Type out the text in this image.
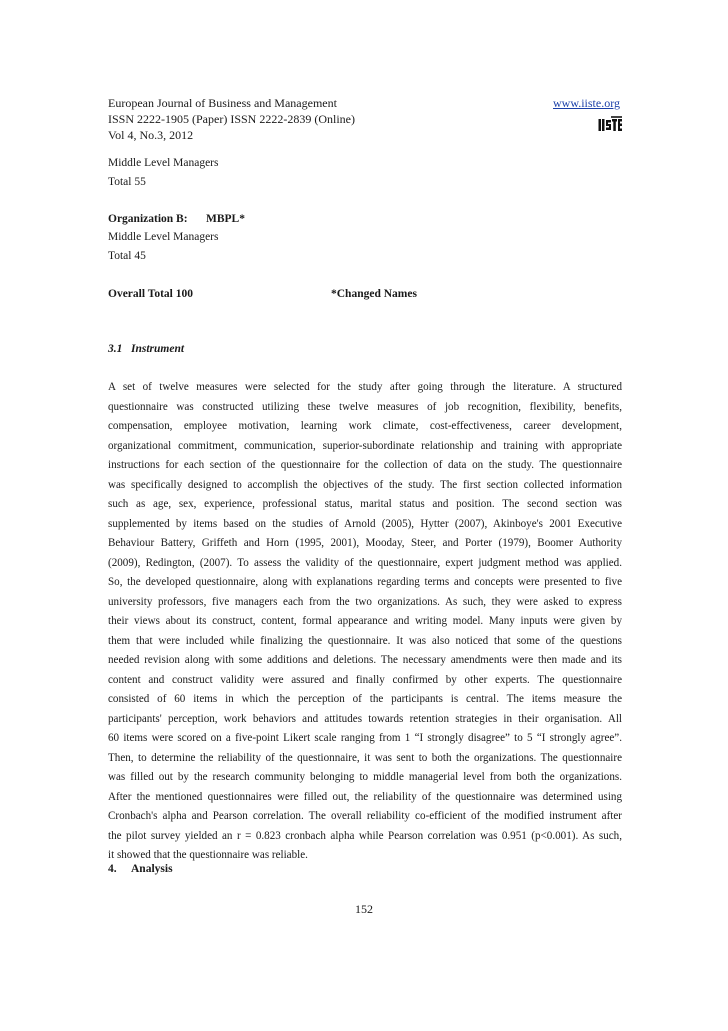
European Journal of Business and Management
ISSN 2222-1905 (Paper) ISSN 2222-2839 (Online)
Vol 4, No.3, 2012
www.iiste.org
Middle Level Managers
Total 55
Organization B: MBPL*
Middle Level Managers
Total 45
Overall Total 100	*Changed Names
3.1   Instrument
A set of twelve measures were selected for the study after going through the literature. A structured
questionnaire was constructed utilizing these twelve measures of job recognition, flexibility, benefits,
compensation, employee motivation, learning work climate, cost-effectiveness, career development,
organizational commitment, communication, superior-subordinate relationship and training with appropriate
instructions for each section of the questionnaire for the collection of data on the study. The questionnaire
was specifically designed to accomplish the objectives of the study. The first section collected information
such as age, sex, experience, professional status, marital status and position. The second section was
supplemented by items based on the studies of Arnold (2005), Hytter (2007), Akinboye's 2001 Executive
Behaviour Battery, Griffeth and Horn (1995, 2001), Mooday, Steer, and Porter (1979), Boomer Authority
(2009), Redington, (2007). To assess the validity of the questionnaire, expert judgment method was applied.
So, the developed questionnaire, along with explanations regarding terms and concepts were presented to five
university professors, five managers each from the two organizations. As such, they were asked to express
their views about its construct, content, formal appearance and writing model. Many inputs were given by
them that were included while finalizing the questionnaire. It was also noticed that some of the questions
needed revision along with some additions and deletions. The necessary amendments were then made and its
content and construct validity were assured and finally confirmed by other experts. The questionnaire
consisted of 60 items in which the perception of the participants is central. The items measure the
participants' perception, work behaviors and attitudes towards retention strategies in their organisation. All
60 items were scored on a five-point Likert scale ranging from 1 “I strongly disagree” to 5 “I strongly agree”.
Then, to determine the reliability of the questionnaire, it was sent to both the organizations. The questionnaire
was filled out by the research community belonging to middle managerial level from both the organizations.
After the mentioned questionnaires were filled out, the reliability of the questionnaire was determined using
Cronbach's alpha and Pearson correlation. The overall reliability co-efficient of the modified instrument after
the pilot survey yielded an r = 0.823 cronbach alpha while Pearson correlation was 0.951 (p<0.001). As such,
it showed that the questionnaire was reliable.
4. Analysis
152
